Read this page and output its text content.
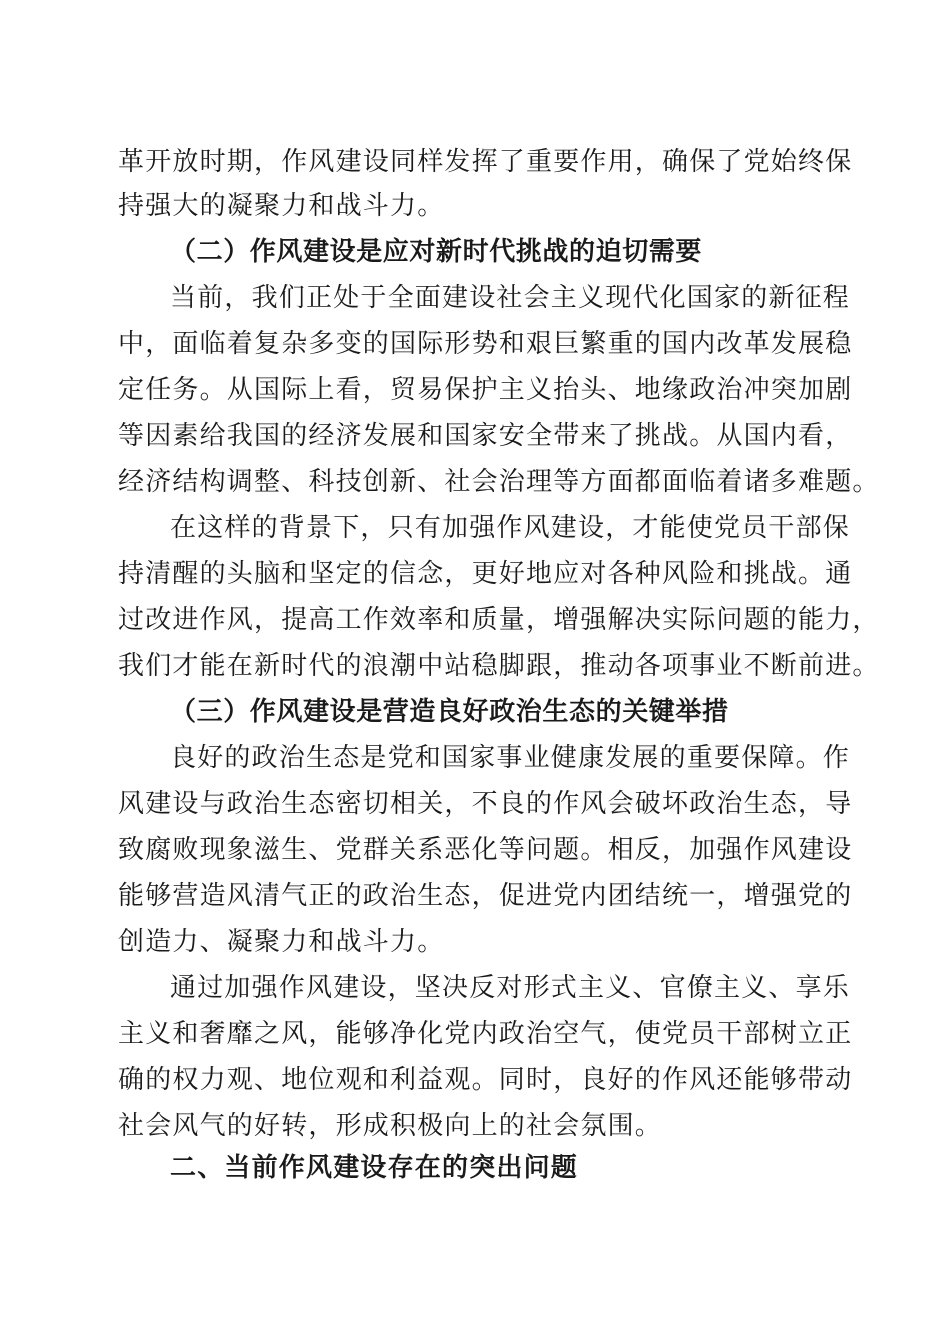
革开放时期，作风建设同样发挥了重要作用，确保了党始终保
持强大的凝聚力和战斗力。
（二）作风建设是应对新时代挑战的迫切需要
当前，我们正处于全面建设社会主义现代化国家的新征程
中，面临着复杂多变的国际形势和艰巨繁重的国内改革发展稳
定任务。从国际上看，贸易保护主义抬头、地缘政治冲突加剧
等因素给我国的经济发展和国家安全带来了挑战。从国内看，
经济结构调整、科技创新、社会治理等方面都面临着诸多难题。
在这样的背景下，只有加强作风建设，才能使党员干部保
持清醒的头脑和坚定的信念，更好地应对各种风险和挑战。通
过改进作风，提高工作效率和质量，增强解决实际问题的能力，
我们才能在新时代的浪潮中站稳脚跟，推动各项事业不断前进。
（三）作风建设是营造良好政治生态的关键举措
良好的政治生态是党和国家事业健康发展的重要保障。作
风建设与政治生态密切相关，不良的作风会破坏政治生态，导
致腐败现象滋生、党群关系恶化等问题。相反，加强作风建设
能够营造风清气正的政治生态，促进党内团结统一，增强党的
创造力、凝聚力和战斗力。
通过加强作风建设，坚决反对形式主义、官僚主义、享乐
主义和奢靡之风，能够净化党内政治空气，使党员干部树立正
确的权力观、地位观和利益观。同时，良好的作风还能够带动
社会风气的好转，形成积极向上的社会氛围。
二、当前作风建设存在的突出问题
